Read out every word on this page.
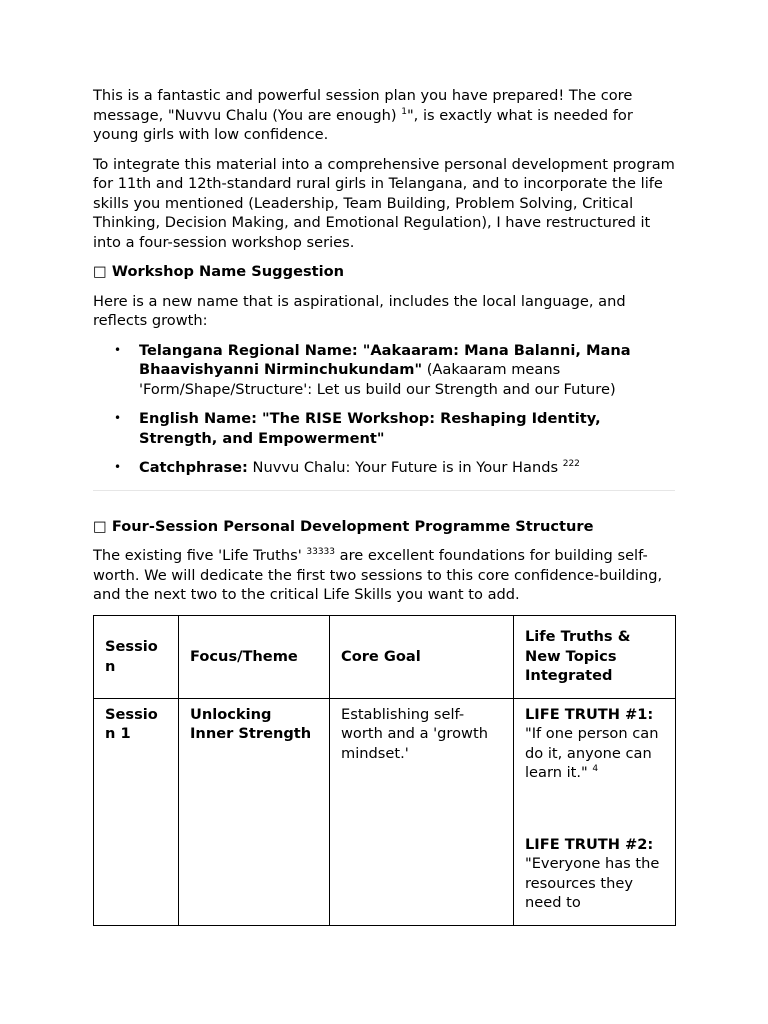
This is a fantastic and powerful session plan you have prepared! The core message, "Nuvvu Chalu (You are enough) $^1$", is exactly what is needed for young girls with low confidence.

To integrate this material into a comprehensive personal development program for 11th and 12th-standard rural girls in Telangana, and to incorporate the life skills you mentioned (Leadership, Team Building, Problem Solving, Critical Thinking, Decision Making, and Emotional Regulation), I have restructured it into a four-session workshop series.

□ Workshop Name Suggestion

Here is a new name that is aspirational, includes the local language, and reflects growth:

• Telangana Regional Name: "Aakaaram: Mana Balanni, Mana Bhaavishyanni Nirminchukundam" (Aakaaram means 'Form/Shape/Structure': Let us build our Strength and our Future)
• English Name: "The RISE Workshop: Reshaping Identity, Strength, and Empowerment"
• Catchphrase: Nuvvu Chalu: Your Future is in Your Hands $^{222}$

□ Four-Session Personal Development Programme Structure

The existing five 'Life Truths' $^{33333}$ are excellent foundations for building self-worth. We will dedicate the first two sessions to this core confidence-building, and the next two to the critical Life Skills you want to add.

Session	Focus/Theme	Core Goal	Life Truths & New Topics Integrated
Session 1	Unlocking Inner Strength	Establishing self-worth and a 'growth mindset.'	LIFE TRUTH #1:
"If one person can do it, anyone can learn it." $^4$
LIFE TRUTH #2:
"Everyone has the resources they need to
